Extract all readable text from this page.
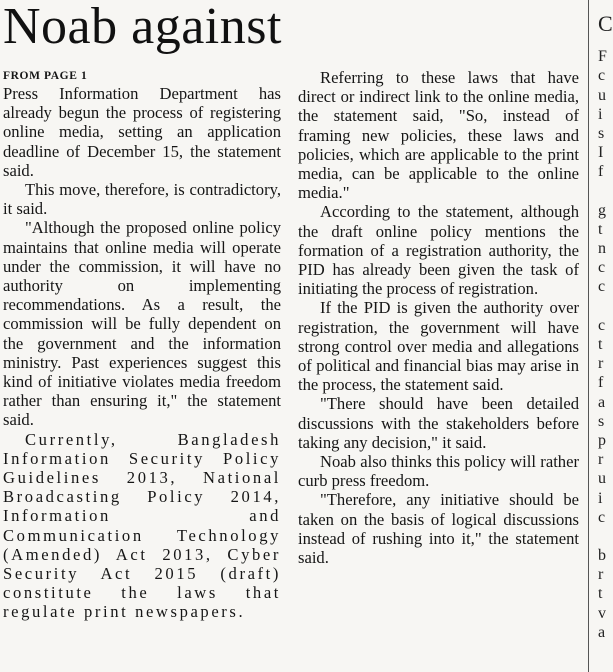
Noab against
FROM PAGE 1

Press Information Department has already begun the process of registering online media, setting an application deadline of December 15, the statement said.

This move, therefore, is contradictory, it said.

"Although the proposed online policy maintains that online media will operate under the commission, it will have no authority on implementing recommendations. As a result, the commission will be fully dependent on the government and the information ministry. Past experiences suggest this kind of initiative violates media freedom rather than ensuring it," the statement said.

Currently, Bangladesh Information Security Policy Guidelines 2013, National Broadcasting Policy 2014, Information and Communication Technology (Amended) Act 2013, Cyber Security Act 2015 (draft) constitute the laws that regulate print newspapers.

Referring to these laws that have direct or indirect link to the online media, the statement said, "So, instead of framing new policies, these laws and policies, which are applicable to the print media, can be applicable to the online media."

According to the statement, although the draft online policy mentions the formation of a registration authority, the PID has already been given the task of initiating the process of registration.

If the PID is given the authority over registration, the government will have strong control over media and allegations of political and financial bias may arise in the process, the statement said.

"There should have been detailed discussions with the stakeholders before taking any decision," it said.

Noab also thinks this policy will rather curb press freedom.

"Therefore, any initiative should be taken on the basis of logical discussions instead of rushing into it," the statement said.

C
F
c
u
i
s
I
f
g
t
n
c
c
c
t
r
f
a
s
p
r
u
i
c
b
r
t
v
a
